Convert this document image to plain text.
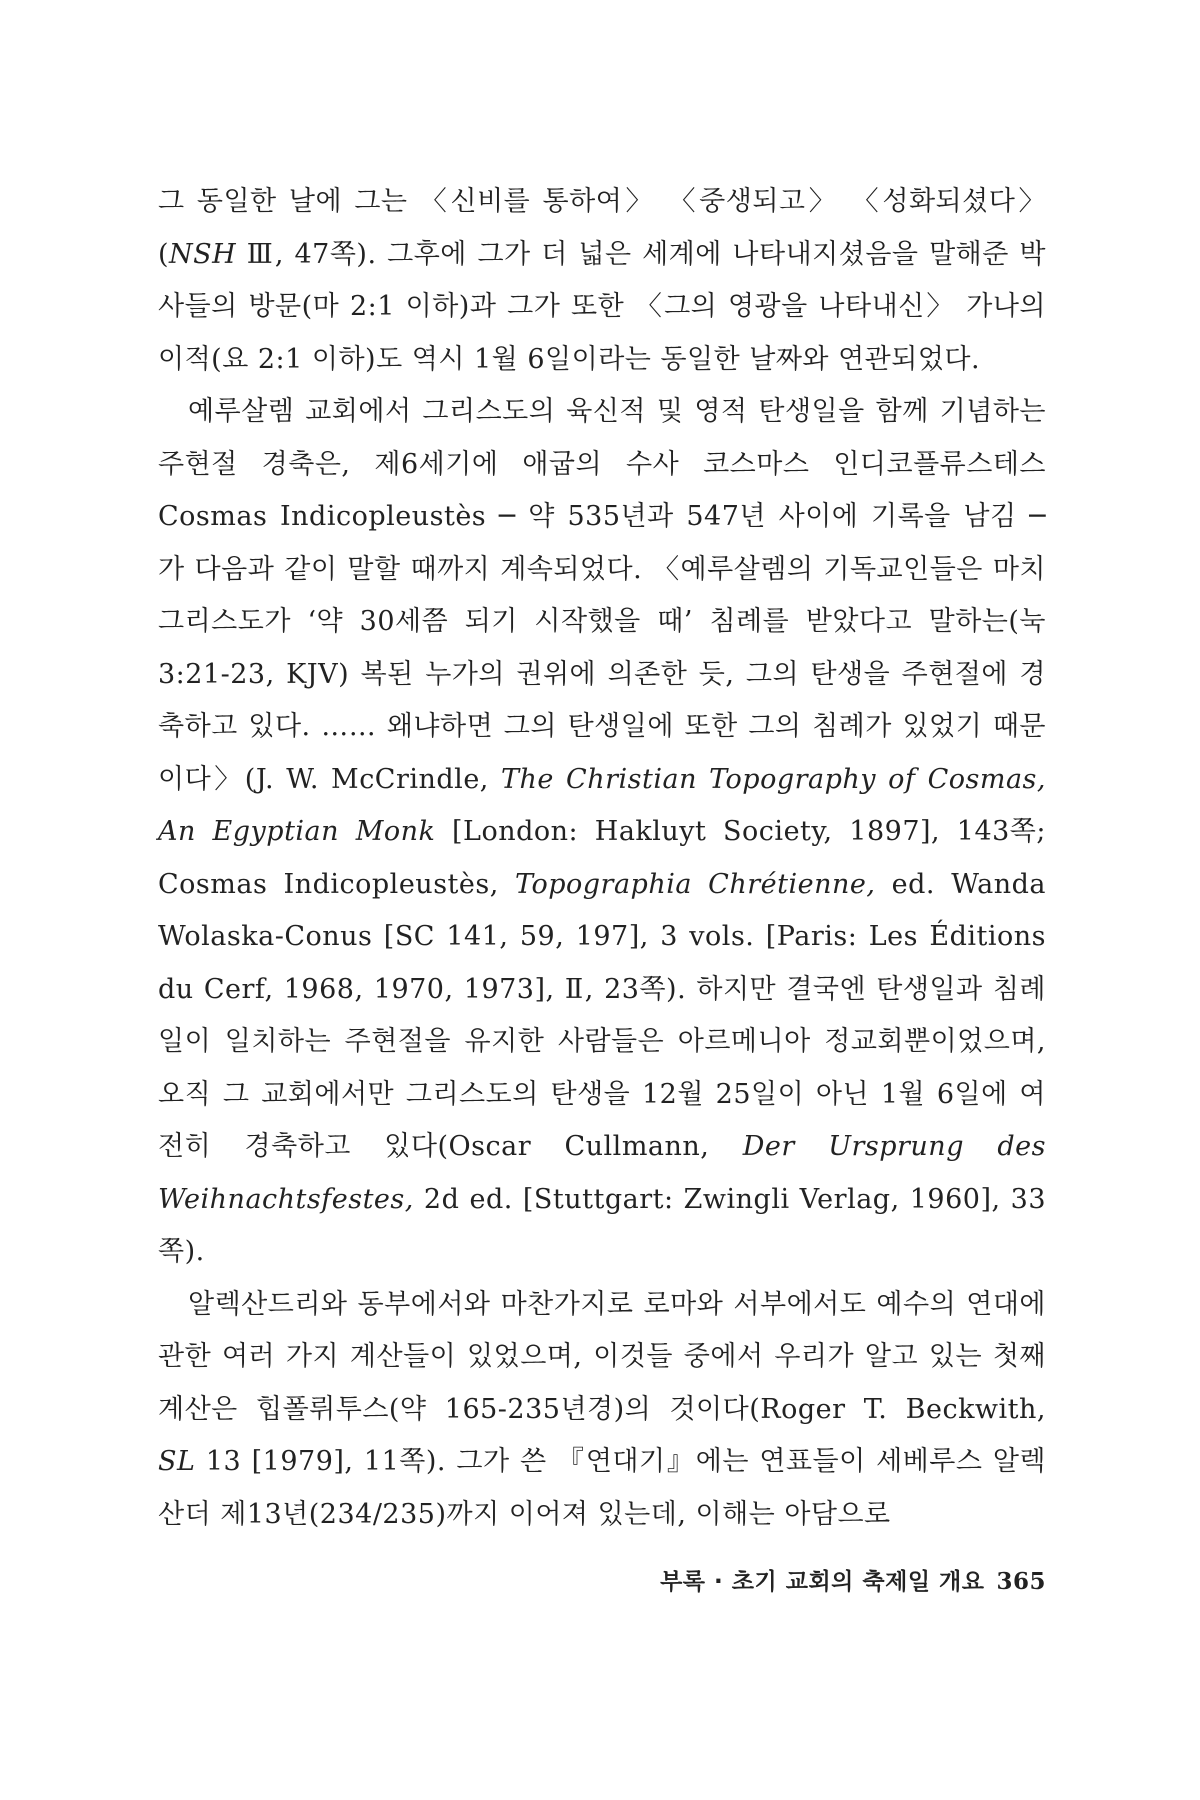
그 동일한 날에 그는 〈신비를 통하여〉 〈중생되고〉 〈성화되셨다〉 (NSH Ⅲ, 47쪽). 그후에 그가 더 넓은 세계에 나타내지셨음을 말해준 박사들의 방문(마 2:1 이하)과 그가 또한 〈그의 영광을 나타내신〉 가나의 이적(요 2:1 이하)도 역시 1월 6일이라는 동일한 날짜와 연관되었다.

예루살렘 교회에서 그리스도의 육신적 및 영적 탄생일을 함께 기념하는 주현절 경축은, 제6세기에 애굽의 수사 코스마스 인디코플류스테스 Cosmas Indicopleustès ─ 약 535년과 547년 사이에 기록을 남김 ─ 가 다음과 같이 말할 때까지 계속되었다. 〈예루살렘의 기독교인들은 마치 그리스도가 ‘약 30세쯤 되기 시작했을 때’ 침례를 받았다고 말하는(눅 3:21-23, KJV) 복된 누가의 권위에 의존한 듯, 그의 탄생을 주현절에 경축하고 있다. …… 왜냐하면 그의 탄생일에 또한 그의 침례가 있었기 때문이다〉(J. W. McCrindle, The Christian Topography of Cosmas, An Egyptian Monk [London: Hakluyt Society, 1897], 143쪽; Cosmas Indicopleustès, Topographia Chrétienne, ed. Wanda Wolaska-Conus [SC 141, 59, 197], 3 vols. [Paris: Les Éditions du Cerf, 1968, 1970, 1973], Ⅱ, 23쪽). 하지만 결국엔 탄생일과 침례일이 일치하는 주현절을 유지한 사람들은 아르메니아 정교회뿐이었으며, 오직 그 교회에서만 그리스도의 탄생을 12월 25일이 아닌 1월 6일에 여전히 경축하고 있다(Oscar Cullmann, Der Ursprung des Weihnachtsfestes, 2d ed. [Stuttgart: Zwingli Verlag, 1960], 33쪽).

알렉산드리와 동부에서와 마찬가지로 로마와 서부에서도 예수의 연대에 관한 여러 가지 계산들이 있었으며, 이것들 중에서 우리가 알고 있는 첫째 계산은 힙폴뤼투스(약 165-235년경)의 것이다(Roger T. Beckwith, SL 13 [1979], 11쪽). 그가 쓴 『연대기』에는 연표들이 세베루스 알렉산더 제13년(234/235)까지 이어져 있는데, 이해는 아담으로

부록 · 초기 교회의 축제일 개요 365
